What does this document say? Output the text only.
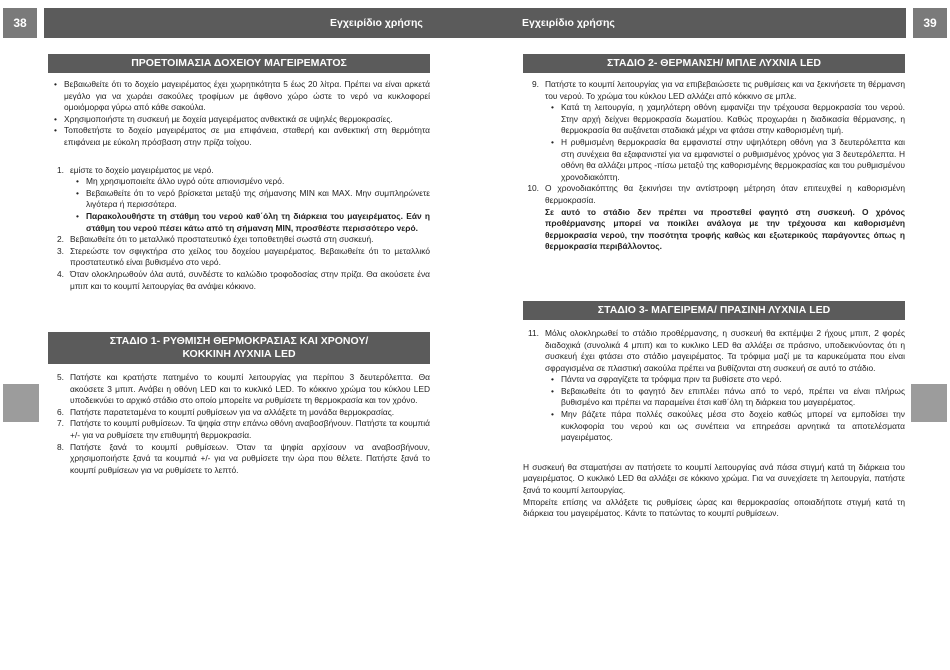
38	39
Εγχειρίδιο χρήσης	Εγχειρίδιο χρήσης
ΠΡΟΕΤΟΙΜΑΣΙΑ ΔΟΧΕΙΟΥ ΜΑΓΕΙΡΕΜΑΤΟΣ
• Βεβαιωθείτε ότι το δοχείο μαγειρέματος έχει χωρητικότητα 5 έως 20 λίτρα. Πρέπει να είναι αρκετά μεγάλο για να χωράει σακούλες τροφίμων με άφθονο χώρο ώστε το νερό να κυκλοφορεί ομοιόμορφα γύρω από κάθε σακούλα.
• Χρησιμοποιήστε τη συσκευή με δοχεία μαγειρέματος ανθεκτικά σε υψηλές θερμοκρασίες.
• Τοποθετήστε το δοχείο μαγειρέματος σε μια επιφάνεια, σταθερή και ανθεκτική στη θερμότητα επιφάνεια με εύκολη πρόσβαση στην πρίζα τοίχου.
1. εμίστε το δοχείο μαγειρέματος με νερό.
• Μη χρησιμοποιείτε άλλο υγρό ούτε απιονισμένο νερό.
• Βεβαιωθείτε ότι το νερό βρίσκεται μεταξύ της σήμανσης MIN και MAX. Μην συμπληρώνετε λιγότερα ή περισσότερα.
• Παρακολουθήστε τη στάθμη του νερού καθ΄όλη τη διάρκεια του μαγειρέματος. Εάν η στάθμη του νερού πέσει κάτω από τη σήμανση MIN, προσθέστε περισσότερο νερό.
2. Βεβαιωθείτε ότι το μεταλλικό προστατευτικό έχει τοποθετηθεί σωστά στη συσκευή.
3. Στερεώστε τον σφιγκτήρα στο χείλος του δοχείου μαγειρέματος. Βεβαιωθείτε ότι το μεταλλικό προστατευτικό είναι βυθισμένο στο νερό.
4. Όταν ολοκληρωθούν όλα αυτά, συνδέστε το καλώδιο τροφοδοσίας στην πρίζα. Θα ακούσετε ένα μπιπ και το κουμπί λειτουργίας θα ανάψει κόκκινο.
ΣΤΑΔΙΟ 1- ΡΥΘΜΙΣΗ ΘΕΡΜΟΚΡΑΣΙΑΣ ΚΑΙ ΧΡΟΝΟΥ/
ΚΟΚΚΙΝΗ ΛΥΧΝΙΑ LED
5. Πατήστε και κρατήστε πατημένο το κουμπί λειτουργίας για περίπου 3 δευτερόλεπτα. Θα ακούσετε 3 μπιπ. Ανάβει η οθόνη LED και το κυκλικό LED. Το κόκκινο χρώμα του κύκλου LED υποδεικνύει το αρχικό στάδιο στο οποίο μπορείτε να ρυθμίσετε τη θερμοκρασία και τον χρόνο.
6. Πατήστε παρατεταμένα το κουμπί ρυθμίσεων για να αλλάξετε τη μονάδα θερμοκρασίας.
7. Πατήστε το κουμπί ρυθμίσεων. Τα ψηφία στην επάνω οθόνη αναβοσβήνουν. Πατήστε τα κουμπιά +/- για να ρυθμίσετε την επιθυμητή θερμοκρασία.
8. Πατήστε ξανά το κουμπί ρυθμίσεων. Όταν τα ψηφία αρχίσουν να αναβοσβήνουν, χρησιμοποιήστε ξανά τα κουμπιά +/- για να ρυθμίσετε την ώρα που θέλετε. Πατήστε ξανά το κουμπί ρυθμίσεων για να ρυθμίσετε το λεπτό.
ΣΤΑΔΙΟ 2- ΘΕΡΜΑΝΣΗ/ ΜΠΛΕ ΛΥΧΝΙΑ LED
9. Πατήστε το κουμπί λειτουργίας για να επιβεβαιώσετε τις ρυθμίσεις και να ξεκινήσετε τη θέρμανση του νερού. Το χρώμα του κύκλου LED αλλάζει από κόκκινο σε μπλε.
• Κατά τη λειτουργία, η χαμηλότερη οθόνη εμφανίζει την τρέχουσα θερμοκρασία του νερού. Στην αρχή δείχνει θερμοκρασία δωματίου. Καθώς προχωράει η διαδικασία θέρμανσης, η θερμοκρασία θα αυξάνεται σταδιακά μέχρι να φτάσει στην καθορισμένη τιμή.
• Η ρυθμισμένη θερμοκρασία θα εμφανιστεί στην υψηλότερη οθόνη για 3 δευτερόλεπτα και στη συνέχεια θα εξαφανιστεί για να εμφανιστεί ο ρυθμισμένος χρόνος για 3 δευτερόλεπτα. Η οθόνη θα αλλάζει μπρος -πίσω μεταξύ της καθορισμένης θερμοκρασίας και του ρυθμισμένου χρονοδιακόπτη.
10. Ο χρονοδιακόπτης θα ξεκινήσει την αντίστροφη μέτρηση όταν επιτευχθεί η καθορισμένη θερμοκρασία.
Σε αυτό το στάδιο δεν πρέπει να προστεθεί φαγητό στη συσκευή. Ο χρόνος προθέρμανσης μπορεί να ποικίλει ανάλογα με την τρέχουσα και καθορισμένη θερμοκρασία νερού, την ποσότητα τροφής καθώς και εξωτερικούς παράγοντες όπως η θερμοκρασία περιβάλλοντος.
ΣΤΑΔΙΟ 3- ΜΑΓΕΙΡΕΜΑ/ ΠΡΑΣΙΝΗ ΛΥΧΝΙΑ LED
11. Μόλις ολοκληρωθεί το στάδιο προθέρμανσης, η συσκευή θα εκπέμψει 2 ήχους μπιπ, 2 φορές διαδοχικά (συνολικά 4 μπιπ) και το κυκλικο LED θα αλλάξει σε πράσινο, υποδεικνύοντας ότι η συσκευή έχει φτάσει στο στάδιο μαγειρέματος. Τα τρόφιμα μαζί με τα καρυκεύματα που είναι σφραγισμένα σε πλαστική σακούλα πρέπει να βυθίζονται στη συσκευή σε αυτό το στάδιο.
• Πάντα να σφραγίζετε τα τρόφιμα πριν τα βυθίσετε στο νερό.
• Βεβαιωθείτε ότι το φαγητό δεν επιπλέει πάνω από το νερό, πρέπει να είναι πλήρως βυθισμένο και πρέπει να παραμείνει έτσι καθ΄όλη τη διάρκεια του μαγειρέματος.
• Μην βάζετε πάρα πολλές σακούλες μέσα στο δοχείο καθώς μπορεί να εμποδίσει την κυκλοφορία του νερού και ως συνέπεια να επηρεάσει αρνητικά τα αποτελέσματα μαγειρέματος.
Η συσκευή θα σταματήσει αν πατήσετε το κουμπί λειτουργίας ανά πάσα στιγμή κατά τη διάρκεια του μαγειρέματος. Ο κυκλικό LED θα αλλάξει σε κόκκινο χρώμα. Για να συνεχίσετε τη λειτουργία, πατήστε ξανά το κουμπί λειτουργίας.
Μπορείτε επίσης να αλλάξετε τις ρυθμίσεις ώρας και θερμοκρασίας οποιαδήποτε στιγμή κατά τη διάρκεια του μαγειρέματος. Κάντε το πατώντας το κουμπί ρυθμίσεων.
